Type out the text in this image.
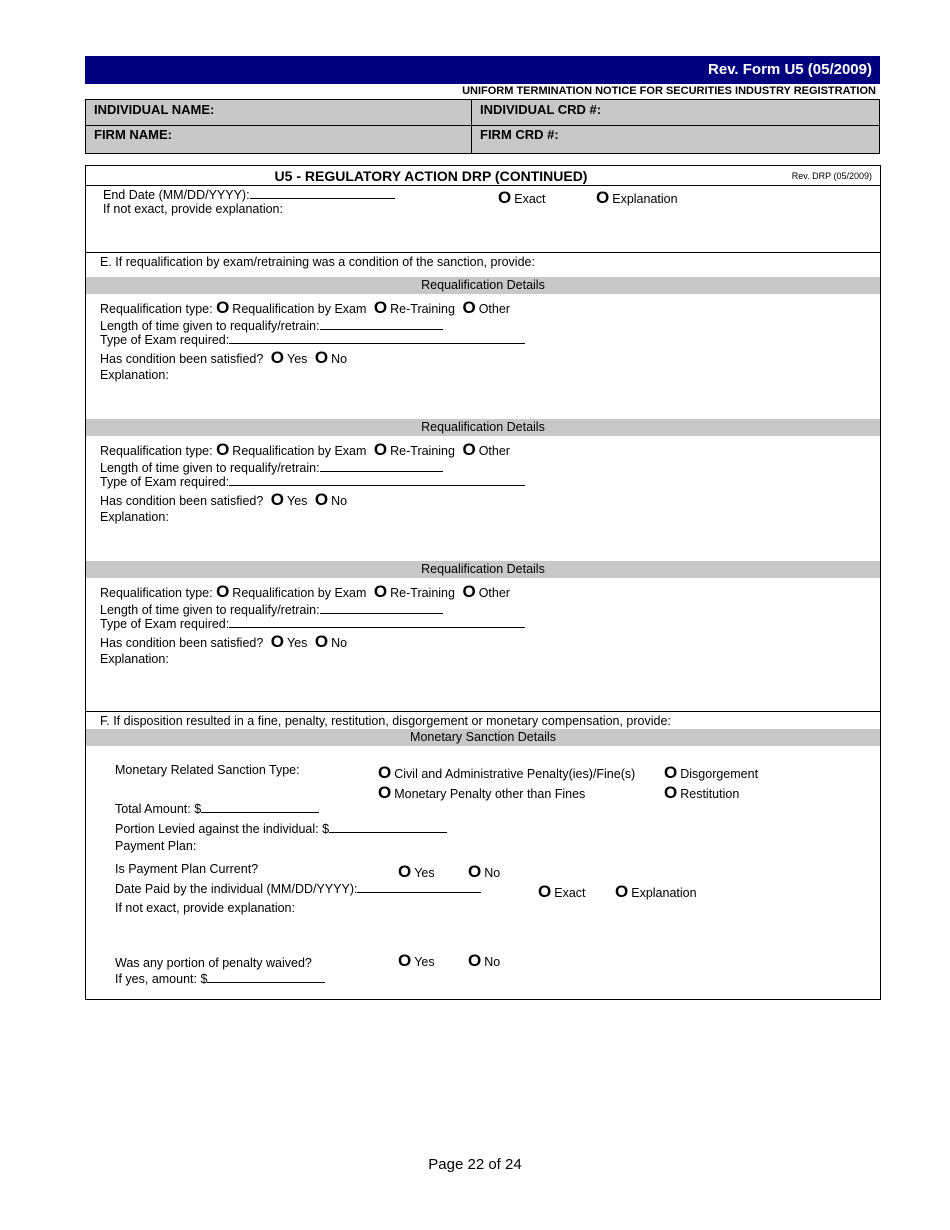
Rev. Form U5 (05/2009)
UNIFORM TERMINATION NOTICE FOR SECURITIES INDUSTRY REGISTRATION
INDIVIDUAL NAME:	INDIVIDUAL CRD #:
FIRM NAME:	FIRM CRD #:
U5 - REGULATORY ACTION DRP (CONTINUED)	Rev. DRP (05/2009)
End Date (MM/DD/YYYY):
If not exact, provide explanation:
O Exact	O Explanation
E. If requalification by exam/retraining was a condition of the sanction, provide:
Requalification Details
Requalification type: O Requalification by Exam O Re-Training O Other
Length of time given to requalify/retrain:
Type of Exam required:
Has condition been satisfied? O Yes O No
Explanation:
Requalification Details
Requalification type: O Requalification by Exam O Re-Training O Other
Length of time given to requalify/retrain:
Type of Exam required:
Has condition been satisfied? O Yes O No
Explanation:
Requalification Details
Requalification type: O Requalification by Exam O Re-Training O Other
Length of time given to requalify/retrain:
Type of Exam required:
Has condition been satisfied? O Yes O No
Explanation:
F. If disposition resulted in a fine, penalty, restitution, disgorgement or monetary compensation, provide:
Monetary Sanction Details
Monetary Related Sanction Type:	O Civil and Administrative Penalty(ies)/Fine(s) O Disgorgement
O Monetary Penalty other than Fines	O Restitution
Total Amount: $
Portion Levied against the individual: $
Payment Plan:
Is Payment Plan Current?	O Yes O No
Date Paid by the individual (MM/DD/YYYY):	O Exact O Explanation
If not exact, provide explanation:
Was any portion of penalty waived?	O Yes O No
If yes, amount: $
Page 22 of 24
